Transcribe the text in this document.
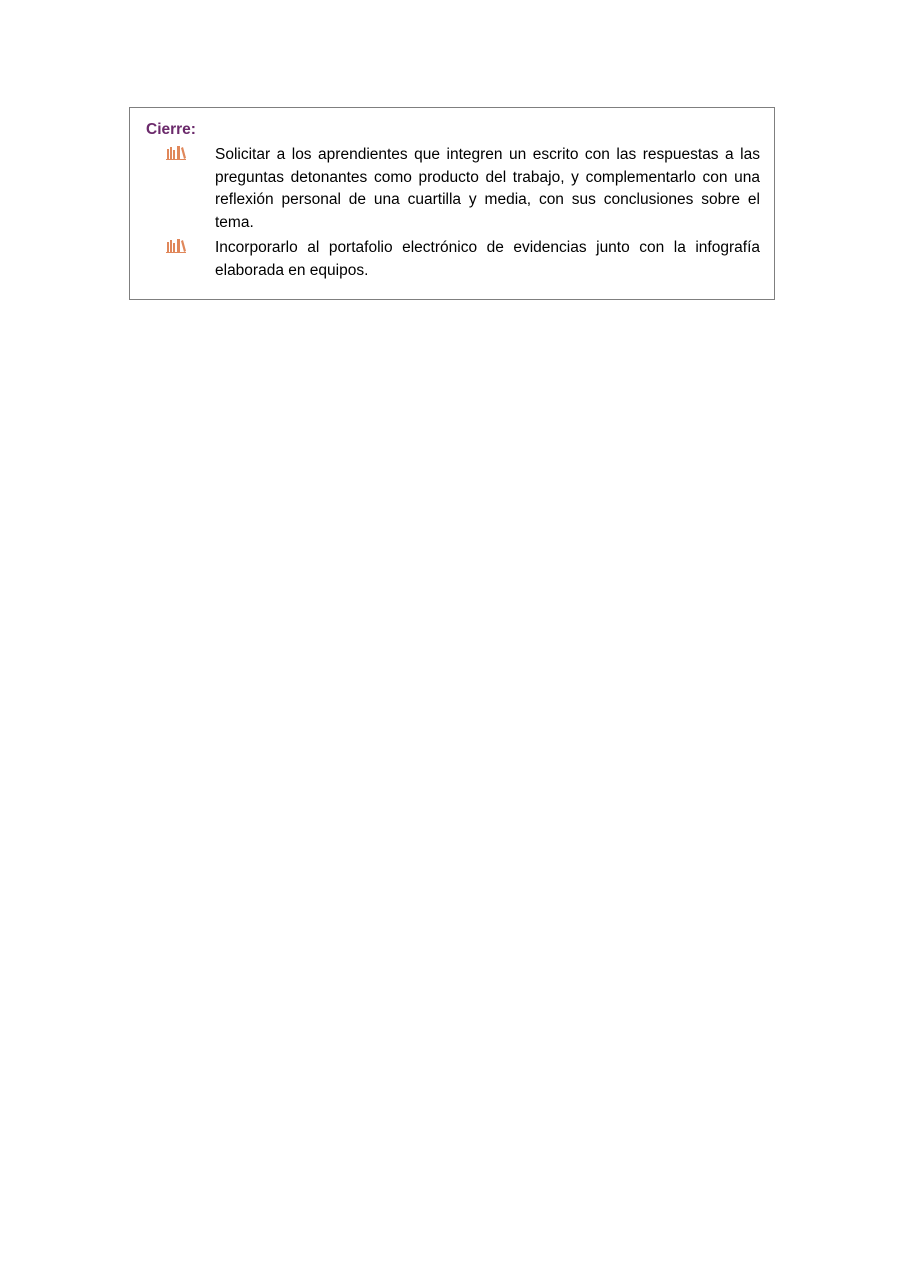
Cierre:

Solicitar a los aprendientes que integren un escrito con las respuestas a las preguntas detonantes como producto del trabajo, y complementarlo con una reflexión personal de una cuartilla y media, con sus conclusiones sobre el tema.

Incorporarlo al portafolio electrónico de evidencias junto con la infografía elaborada en equipos.
